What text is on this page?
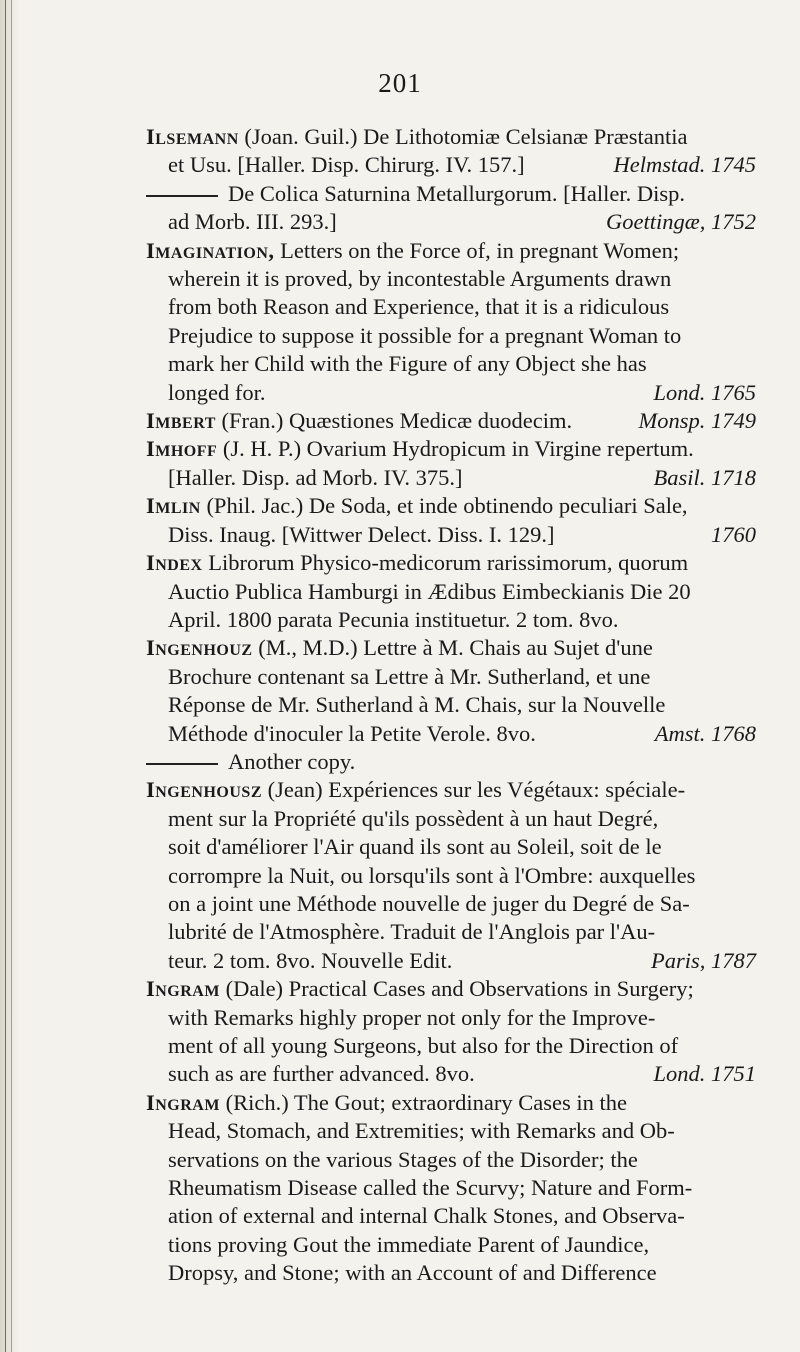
201
Ilsemann (Joan. Guil.) De Lithotomiæ Celsianæ Præstantia
et Usu. [Haller. Disp. Chirurg. IV. 157.]	Helmstad. 1745
De Colica Saturnina Metallurgorum. [Haller. Disp.
ad Morb. III. 293.]	Goettingæ, 1752
Imagination, Letters on the Force of, in pregnant Women;
wherein it is proved, by incontestable Arguments drawn
from both Reason and Experience, that it is a ridiculous
Prejudice to suppose it possible for a pregnant Woman to
mark her Child with the Figure of any Object she has
longed for.	Lond. 1765
Imbert (Fran.) Quæstiones Medicæ duodecim.	Monsp. 1749
Imhoff (J. H. P.) Ovarium Hydropicum in Virgine repertum.
[Haller. Disp. ad Morb. IV. 375.]	Basil. 1718
Imlin (Phil. Jac.) De Soda, et inde obtinendo peculiari Sale,
Diss. Inaug. [Wittwer Delect. Diss. I. 129.]	1760
Index Librorum Physico-medicorum rarissimorum, quorum
Auctio Publica Hamburgi in Ædibus Eimbeckianis Die 20
April. 1800 parata Pecunia instituetur. 2 tom. 8vo.
Ingenhouz (M., M.D.) Lettre à M. Chais au Sujet d'une
Brochure contenant sa Lettre à Mr. Sutherland, et une
Réponse de Mr. Sutherland à M. Chais, sur la Nouvelle
Méthode d'inoculer la Petite Verole. 8vo.	Amst. 1768
Another copy.
Ingenhousz (Jean) Expériences sur les Végétaux: spéciale-
ment sur la Propriété qu'ils possèdent à un haut Degré,
soit d'améliorer l'Air quand ils sont au Soleil, soit de le
corrompre la Nuit, ou lorsqu'ils sont à l'Ombre: auxquelles
on a joint une Méthode nouvelle de juger du Degré de Sa-
lubrité de l'Atmosphère. Traduit de l'Anglois par l'Au-
teur. 2 tom. 8vo. Nouvelle Edit.	Paris, 1787
Ingram (Dale) Practical Cases and Observations in Surgery;
with Remarks highly proper not only for the Improve-
ment of all young Surgeons, but also for the Direction of
such as are further advanced. 8vo.	Lond. 1751
Ingram (Rich.) The Gout; extraordinary Cases in the
Head, Stomach, and Extremities; with Remarks and Ob-
servations on the various Stages of the Disorder; the
Rheumatism Disease called the Scurvy; Nature and Form-
ation of external and internal Chalk Stones, and Observa-
tions proving Gout the immediate Parent of Jaundice,
Dropsy, and Stone; with an Account of and Difference
